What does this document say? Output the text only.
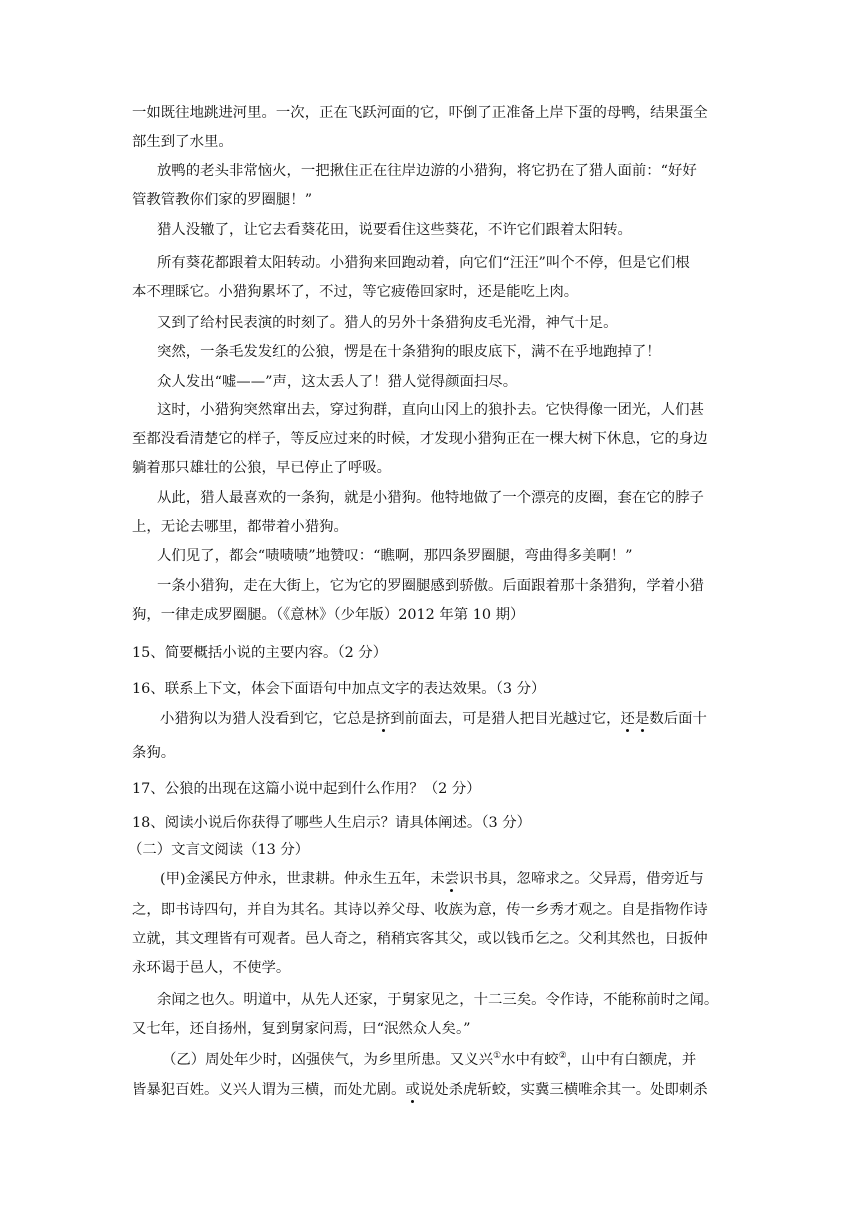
一如既往地跳进河里。一次，正在飞跃河面的它，吓倒了正准备上岸下蛋的母鸭，结果蛋全
部生到了水里。
放鸭的老头非常恼火，一把揪住正在往岸边游的小猎狗，将它扔在了猎人面前：“好好
管教管教你们家的罗圈腿！”
猎人没辙了，让它去看葵花田，说要看住这些葵花，不许它们跟着太阳转。
所有葵花都跟着太阳转动。小猎狗来回跑动着，向它们“汪汪”叫个不停，但是它们根
本不理睬它。小猎狗累坏了，不过，等它疲倦回家时，还是能吃上肉。
又到了给村民表演的时刻了。猎人的另外十条猎狗皮毛光滑，神气十足。
突然，一条毛发发红的公狼，愣是在十条猎狗的眼皮底下，满不在乎地跑掉了！
众人发出“嘘——”声，这太丢人了！猎人觉得颜面扫尽。
这时，小猎狗突然窜出去，穿过狗群，直向山冈上的狼扑去。它快得像一团光，人们甚
至都没看清楚它的样子，等反应过来的时候，才发现小猎狗正在一棵大树下休息，它的身边
躺着那只雄壮的公狼，早已停止了呼吸。
从此，猎人最喜欢的一条狗，就是小猎狗。他特地做了一个漂亮的皮圈，套在它的脖子
上，无论去哪里，都带着小猎狗。
人们见了，都会“啧啧啧”地赞叹：“瞧啊，那四条罗圈腿，弯曲得多美啊！”
一条小猎狗，走在大街上，它为它的罗圈腿感到骄傲。后面跟着那十条猎狗，学着小猎
狗，一律走成罗圈腿。（《意林》（少年版）2012 年第 10 期）
15、简要概括小说的主要内容。（2 分）
16、联系上下文，体会下面语句中加点文字的表达效果。（3 分）
小猎狗以为猎人没看到它，它总是挤到前面去，可是猎人把目光越过它，还是数后面十
条狗。
17、公狼的出现在这篇小说中起到什么作用？（2 分）
18、阅读小说后你获得了哪些人生启示？请具体阐述。（3 分）
（二）文言文阅读（13 分）
(甲)金溪民方仲永，世隶耕。仲永生五年，未尝识书具，忽啼求之。父异焉，借旁近与
之，即书诗四句，并自为其名。其诗以养父母、收族为意，传一乡秀才观之。自是指物作诗
立就，其文理皆有可观者。邑人奇之，稍稍宾客其父，或以钱币乞之。父利其然也，日扳仲
永环谒于邑人，不使学。
余闻之也久。明道中，从先人还家，于舅家见之，十二三矣。令作诗，不能称前时之闻。
又七年，还自扬州，复到舅家问焉，曰“泯然众人矣。”
（乙）周处年少时，凶强侠气，为乡里所患。又义兴①水中有蛟②，山中有白额虎，并
皆暴犯百姓。义兴人谓为三横，而处尤剧。或说处杀虎斩蛟，实冀三横唯余其一。处即刺杀
